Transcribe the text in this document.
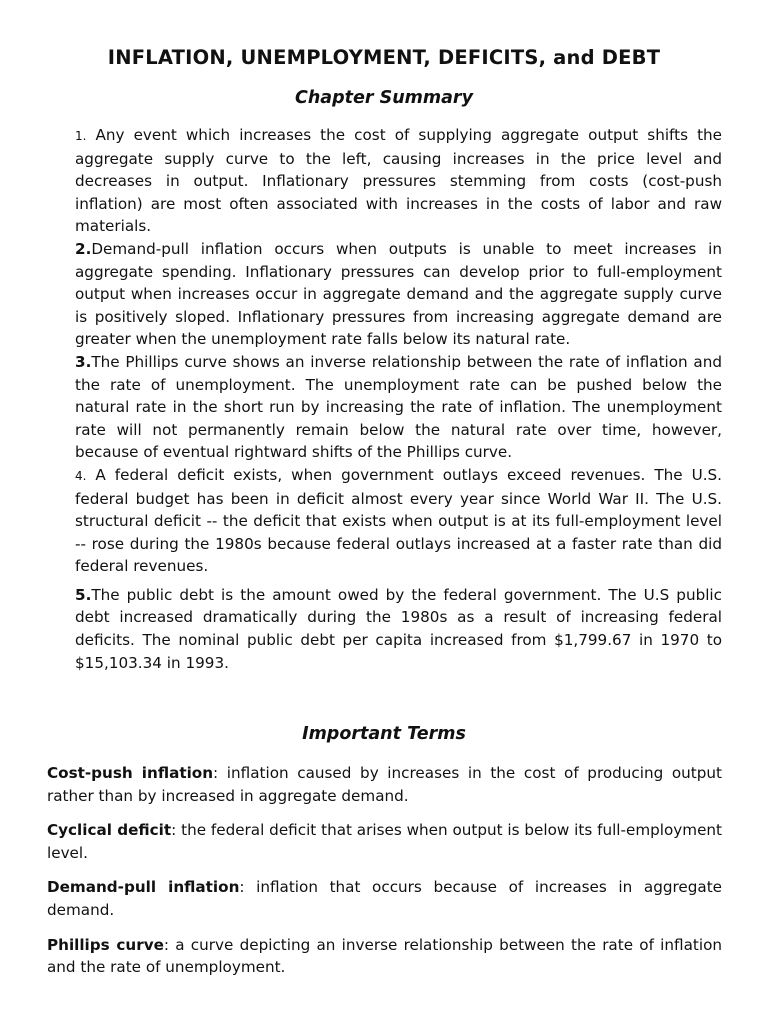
INFLATION, UNEMPLOYMENT, DEFICITS, and DEBT
Chapter Summary

1. Any event which increases the cost of supplying aggregate output shifts the aggregate supply curve to the left, causing increases in the price level and decreases in output. Inflationary pressures stemming from costs (cost-push inflation) are most often associated with increases in the costs of labor and raw materials.

2.Demand-pull inflation occurs when outputs is unable to meet increases in aggregate spending. Inflationary pressures can develop prior to full-employment output when increases occur in aggregate demand and the aggregate supply curve is positively sloped. Inflationary pressures from increasing aggregate demand are greater when the unemployment rate falls below its natural rate.

3.The Phillips curve shows an inverse relationship between the rate of inflation and the rate of unemployment. The unemployment rate can be pushed below the natural rate in the short run by increasing the rate of inflation. The unemployment rate will not permanently remain below the natural rate over time, however, because of eventual rightward shifts of the Phillips curve.

4. A federal deficit exists, when government outlays exceed revenues. The U.S. federal budget has been in deficit almost every year since World War II. The U.S. structural deficit -- the deficit that exists when output is at its full-employment level -- rose during the 1980s because federal outlays increased at a faster rate than did federal revenues.

5.The public debt is the amount owed by the federal government. The U.S public debt increased dramatically during the 1980s as a result of increasing federal deficits. The nominal public debt per capita increased from $1,799.67 in 1970 to $15,103.34 in 1993.

Important Terms

Cost-push inflation: inflation caused by increases in the cost of producing output rather than by increased in aggregate demand.

Cyclical deficit: the federal deficit that arises when output is below its full-employment level.

Demand-pull inflation: inflation that occurs because of increases in aggregate demand.

Phillips curve: a curve depicting an inverse relationship between the rate of inflation and the rate of unemployment.
